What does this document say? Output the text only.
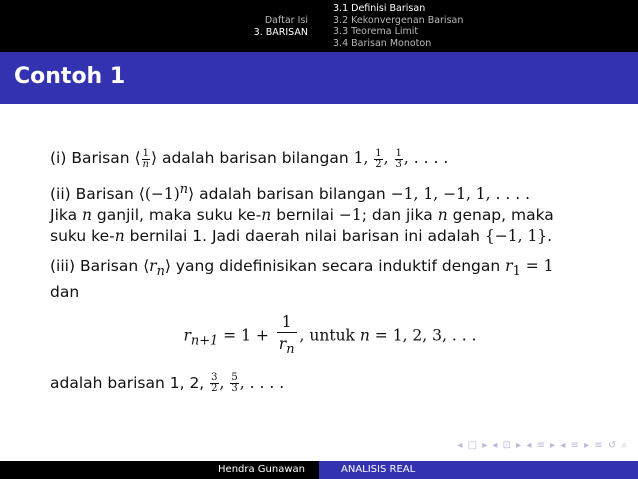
Daftar Isi
3. BARISAN
3.1 Definisi Barisan
3.2 Kekonvergenan Barisan
3.3 Teorema Limit
3.4 Barisan Monoton
Contoh 1

(i) Barisan ⟨ $\frac{1}{n}$ ⟩ adalah barisan bilangan 1, $\frac{1}{2}$ , $\frac{1}{3}$ , . . . .

(ii) Barisan $⟨(-1)^n⟩$ adalah barisan bilangan −1, 1, −1, 1, . . . .
Jika n ganjil, maka suku ke-n bernilai −1; dan jika n genap, maka suku ke-n bernilai 1. Jadi daerah nilai barisan ini adalah {−1, 1}.

(iii) Barisan $⟨r_n⟩$ yang didefinisikan secara induktif dengan $r_1 = 1$
dan

$r_{n+1} = 1 + \frac{1}{r_n}$ , untuk n = 1, 2, 3, . . .

adalah barisan 1, 2, $\frac{3}{2}$ , $\frac{5}{3}$ , . . . .

◂ □ ▸ ◂ ⊡ ▸ ◂ ≡ ▸ ◂ ≡ ▸ ≡ ↺ ⌕
Hendra Gunawan	ANALISIS REAL
